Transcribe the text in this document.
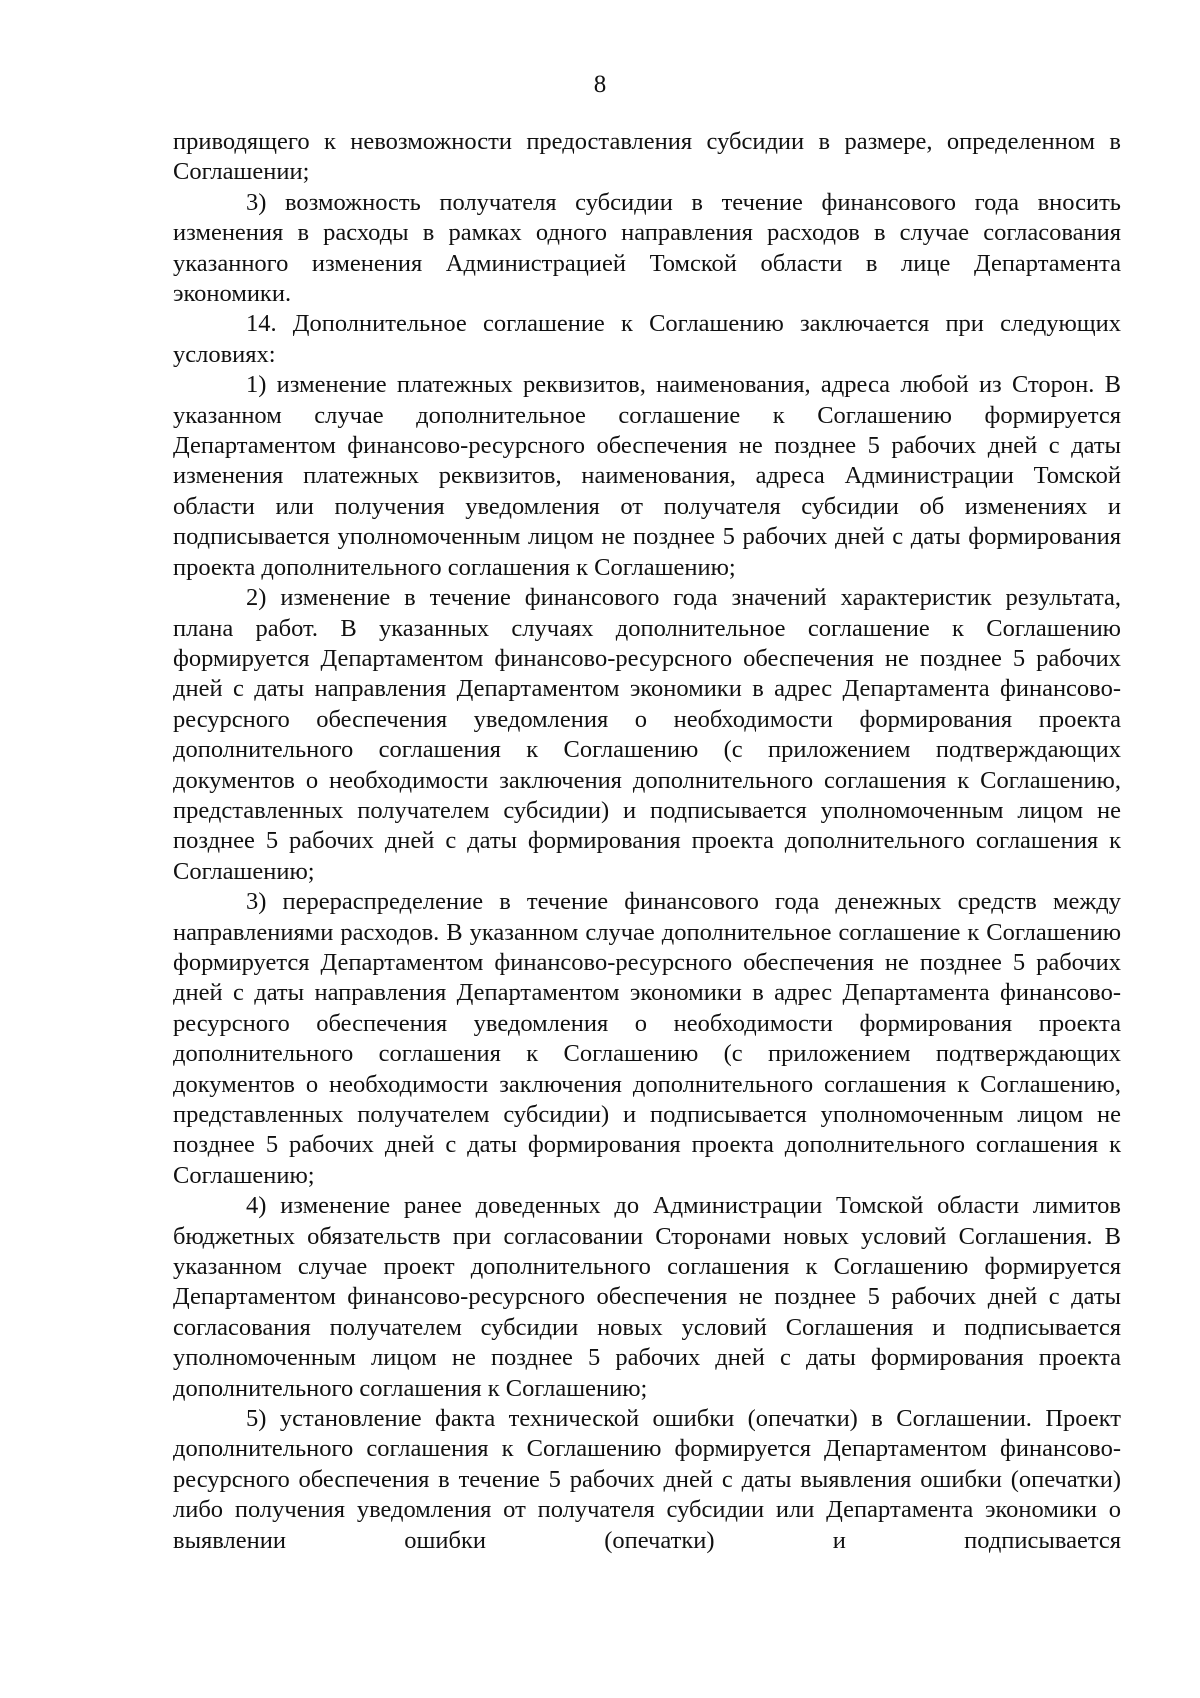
8

приводящего к невозможности предоставления субсидии в размере, определенном в Соглашении;

3) возможность получателя субсидии в течение финансового года вносить изменения в расходы в рамках одного направления расходов в случае согласования указанного изменения Администрацией Томской области в лице Департамента экономики.

14. Дополнительное соглашение к Соглашению заключается при следующих условиях:

1) изменение платежных реквизитов, наименования, адреса любой из Сторон. В указанном случае дополнительное соглашение к Соглашению формируется Департаментом финансово-ресурсного обеспечения не позднее 5 рабочих дней с даты изменения платежных реквизитов, наименования, адреса Администрации Томской области или получения уведомления от получателя субсидии об изменениях и подписывается уполномоченным лицом не позднее 5 рабочих дней с даты формирования проекта дополнительного соглашения к Соглашению;

2) изменение в течение финансового года значений характеристик результата, плана работ. В указанных случаях дополнительное соглашение к Соглашению формируется Департаментом финансово-ресурсного обеспечения не позднее 5 рабочих дней с даты направления Департаментом экономики в адрес Департамента финансово-ресурсного обеспечения уведомления о необходимости формирования проекта дополнительного соглашения к Соглашению (с приложением подтверждающих документов о необходимости заключения дополнительного соглашения к Соглашению, представленных получателем субсидии) и подписывается уполномоченным лицом не позднее 5 рабочих дней с даты формирования проекта дополнительного соглашения к Соглашению;

3) перераспределение в течение финансового года денежных средств между направлениями расходов. В указанном случае дополнительное соглашение к Соглашению формируется Департаментом финансово-ресурсного обеспечения не позднее 5 рабочих дней с даты направления Департаментом экономики в адрес Департамента финансово-ресурсного обеспечения уведомления о необходимости формирования проекта дополнительного соглашения к Соглашению (с приложением подтверждающих документов о необходимости заключения дополнительного соглашения к Соглашению, представленных получателем субсидии) и подписывается уполномоченным лицом не позднее 5 рабочих дней с даты формирования проекта дополнительного соглашения к Соглашению;

4) изменение ранее доведенных до Администрации Томской области лимитов бюджетных обязательств при согласовании Сторонами новых условий Соглашения. В указанном случае проект дополнительного соглашения к Соглашению формируется Департаментом финансово-ресурсного обеспечения не позднее 5 рабочих дней с даты согласования получателем субсидии новых условий Соглашения и подписывается уполномоченным лицом не позднее 5 рабочих дней с даты формирования проекта дополнительного соглашения к Соглашению;

5) установление факта технической ошибки (опечатки) в Соглашении. Проект дополнительного соглашения к Соглашению формируется Департаментом финансово-ресурсного обеспечения в течение 5 рабочих дней с даты выявления ошибки (опечатки) либо получения уведомления от получателя субсидии или Департамента экономики о выявлении ошибки (опечатки) и подписывается
